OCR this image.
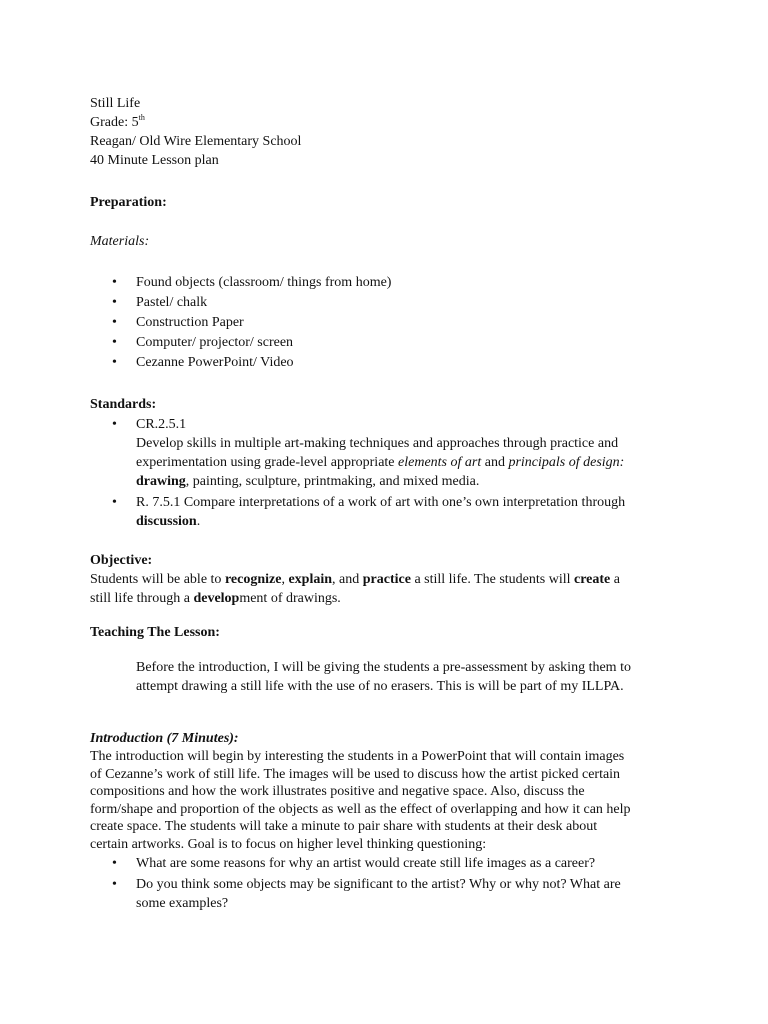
Still Life
Grade: 5th
Reagan/ Old Wire Elementary School
40 Minute Lesson plan
Preparation:
Materials:
• Found objects (classroom/ things from home)
• Pastel/ chalk
• Construction Paper
• Computer/ projector/ screen
• Cezanne PowerPoint/ Video
Standards:
• CR.2.5.1
Develop skills in multiple art-making techniques and approaches through practice and
experimentation using grade-level appropriate elements of art and principals of design:
drawing, painting, sculpture, printmaking, and mixed media.
• R. 7.5.1 Compare interpretations of a work of art with one’s own interpretation through
discussion.
Objective:
Students will be able to recognize, explain, and practice a still life. The students will create a
still life through a development of drawings.
Teaching The Lesson:
Before the introduction, I will be giving the students a pre-assessment by asking them to
attempt drawing a still life with the use of no erasers. This is will be part of my ILLPA.
Introduction (7 Minutes):
The introduction will begin by interesting the students in a PowerPoint that will contain images
of Cezanne’s work of still life. The images will be used to discuss how the artist picked certain
compositions and how the work illustrates positive and negative space. Also, discuss the
form/shape and proportion of the objects as well as the effect of overlapping and how it can help
create space. The students will take a minute to pair share with students at their desk about
certain artworks. Goal is to focus on higher level thinking questioning:
• What are some reasons for why an artist would create still life images as a career?
• Do you think some objects may be significant to the artist? Why or why not? What are
some examples?
